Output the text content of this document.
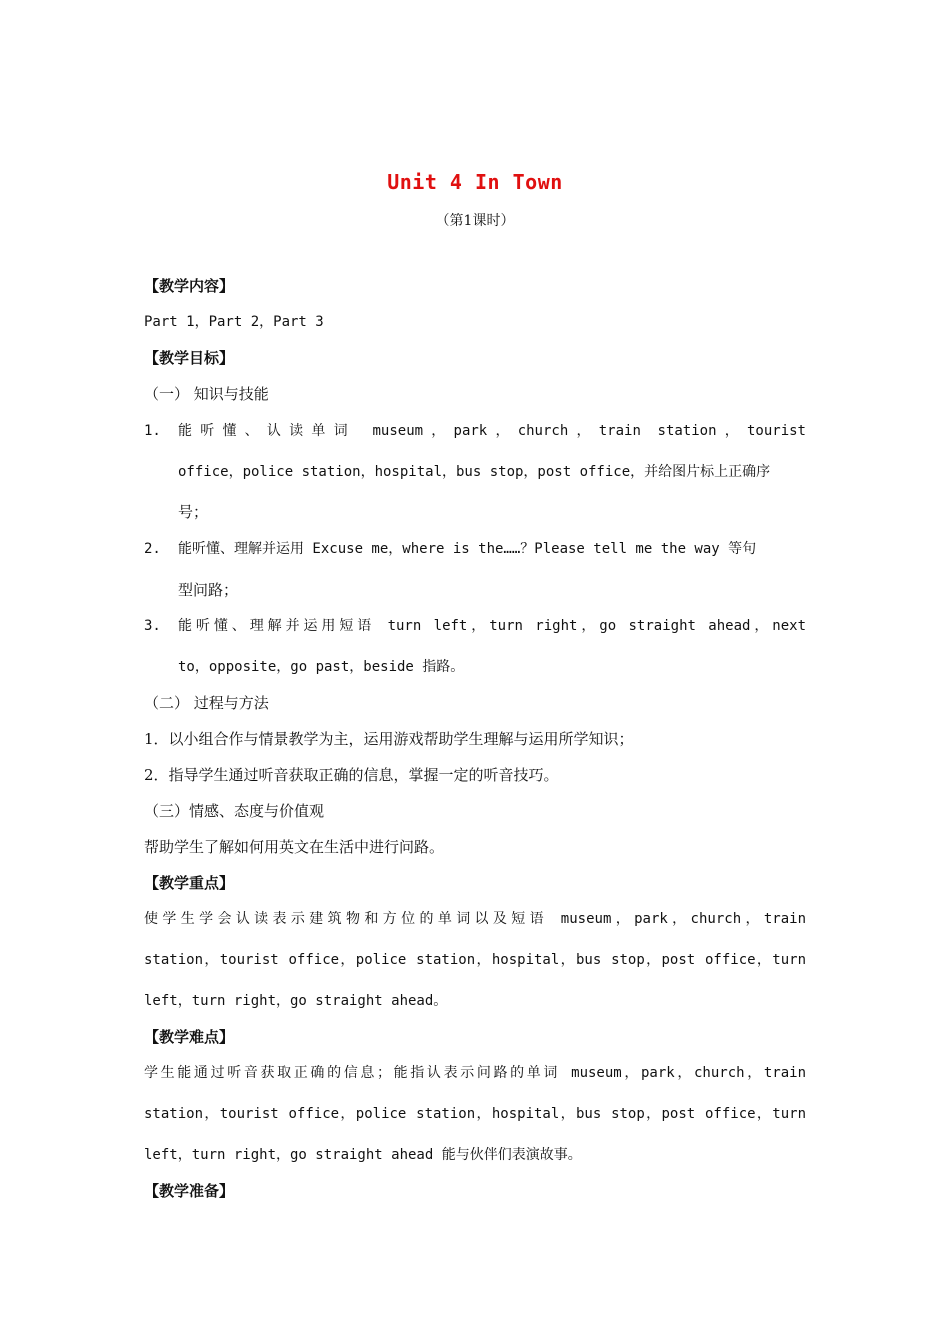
Unit 4 In Town
（第1课时）
【教学内容】
Part 1，Part 2，Part 3
【教学目标】
（一） 知识与技能
1.	能听懂、认读单词 museum，park，church，train station，tourist
office，police station，hospital，bus stop，post office，并给图片标上正确序
号；
2.	能听懂、理解并运用 Excuse me，where is the……？Please tell me the way 等句
型问路；
3.	能听懂、理解并运用短语 turn left，turn right，go straight ahead，next
to，opposite，go past，beside 指路。
（二） 过程与方法
1．以小组合作与情景教学为主，运用游戏帮助学生理解与运用所学知识；
2．指导学生通过听音获取正确的信息，掌握一定的听音技巧。
（三）情感、态度与价值观
帮助学生了解如何用英文在生活中进行问路。
【教学重点】
使学生学会认读表示建筑物和方位的单词以及短语 museum，park，church，train
station，tourist office，police station，hospital，bus stop，post office，turn
left，turn right，go straight ahead。
【教学难点】
学生能通过听音获取正确的信息；能指认表示问路的单词 museum，park，church，train
station，tourist office，police station，hospital，bus stop，post office，turn
left，turn right，go straight ahead 能与伙伴们表演故事。
【教学准备】
